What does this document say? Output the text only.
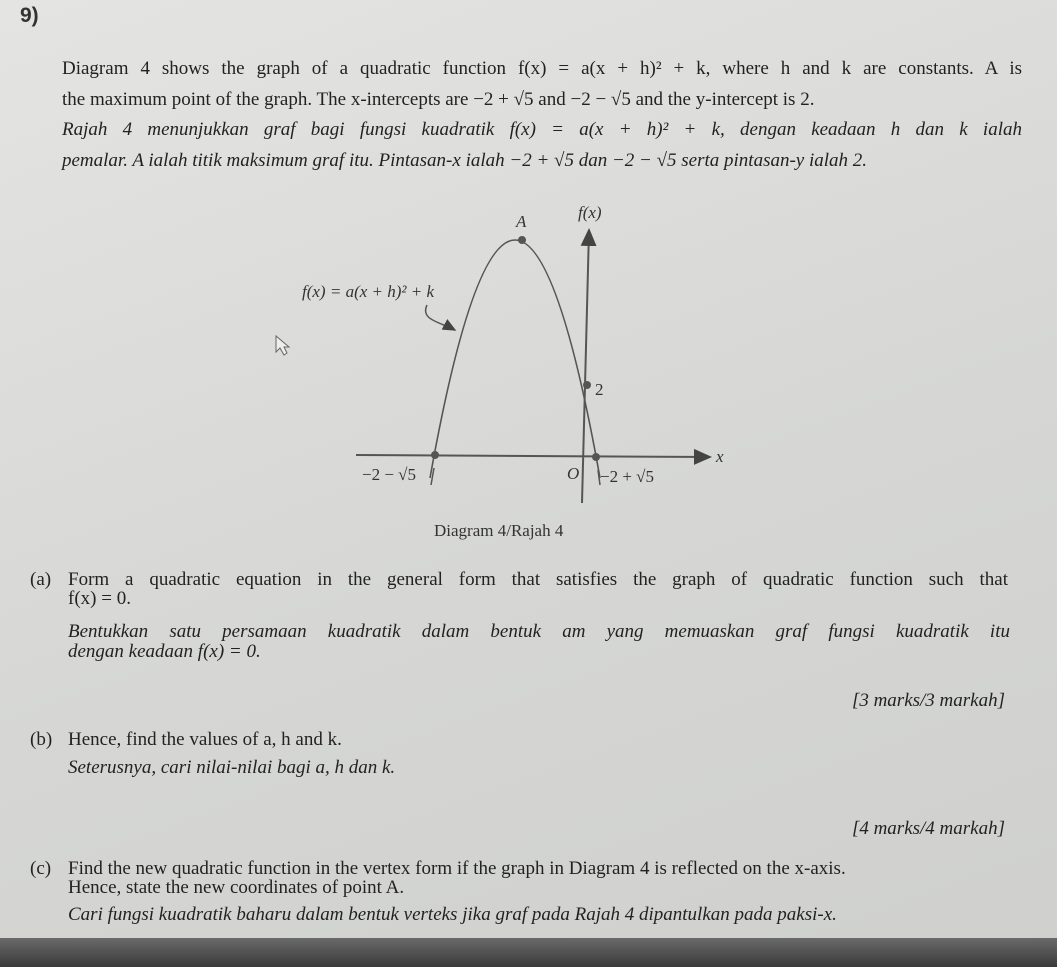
9)
Diagram 4 shows the graph of a quadratic function f(x) = a(x + h)² + k, where h and k are constants. A is
the maximum point of the graph. The x-intercepts are −2 + √5 and −2 − √5 and the y-intercept is 2.
Rajah 4 menunjukkan graf bagi fungsi kuadratik f(x) = a(x + h)² + k, dengan keadaan h dan k ialah
pemalar. A ialah titik maksimum graf itu. Pintasan-x ialah −2 + √5 dan −2 − √5 serta pintasan-y ialah 2.
f(x) = a(x + h)² + k
A	f(x)
x
O
2
−2 − √5	−2 + √5
Diagram 4/Rajah 4
(a) Form a quadratic equation in the general form that satisfies the graph of quadratic function such that
f(x) = 0.
Bentukkan satu persamaan kuadratik dalam bentuk am yang memuaskan graf fungsi kuadratik itu
dengan keadaan f(x) = 0.
[3 marks/3 markah]
(b) Hence, find the values of a, h and k.
Seterusnya, cari nilai-nilai bagi a, h dan k.
[4 marks/4 markah]
(c) Find the new quadratic function in the vertex form if the graph in Diagram 4 is reflected on the x-axis.
Hence, state the new coordinates of point A.
Cari fungsi kuadratik baharu dalam bentuk verteks jika graf pada Rajah 4 dipantulkan pada paksi-x.
